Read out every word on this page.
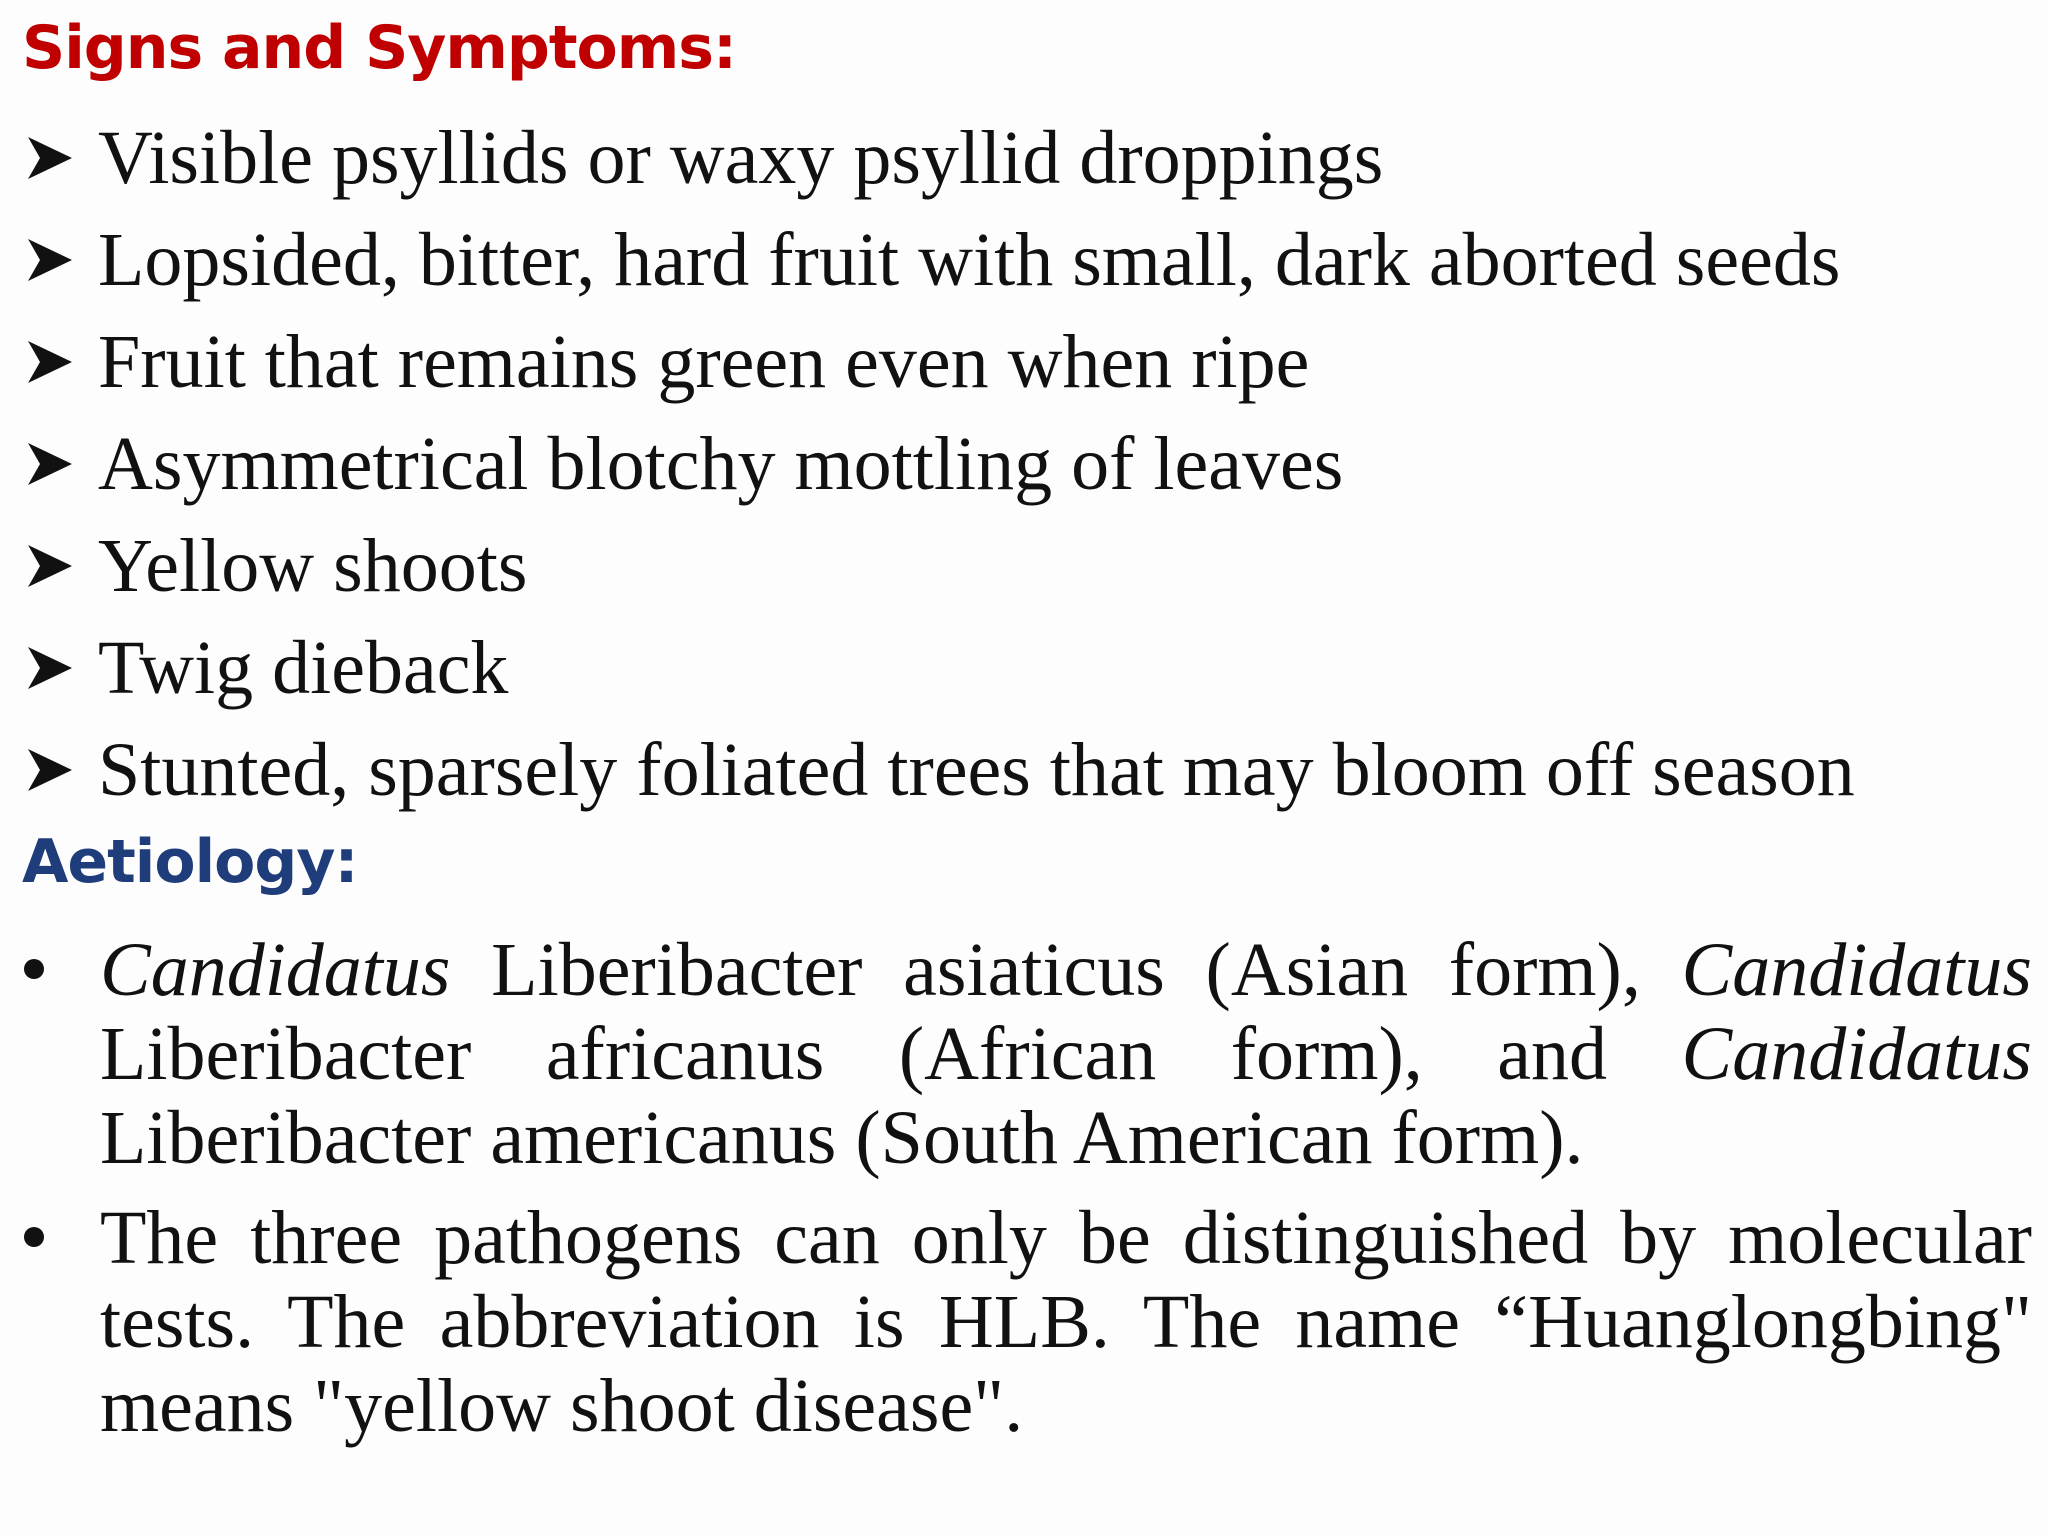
Signs and Symptoms:
Visible psyllids or waxy psyllid droppings
Lopsided, bitter, hard fruit with small, dark aborted seeds
Fruit that remains green even when ripe
Asymmetrical blotchy mottling of leaves
Yellow shoots
Twig dieback
Stunted, sparsely foliated trees that may bloom off season
Aetiology:
Candidatus Liberibacter asiaticus (Asian form), Candidatus Liberibacter africanus (African form), and Candidatus Liberibacter americanus (South American form).
The three pathogens can only be distinguished by molecular tests. The abbreviation is HLB. The name “Huanglongbing" means "yellow shoot disease".
